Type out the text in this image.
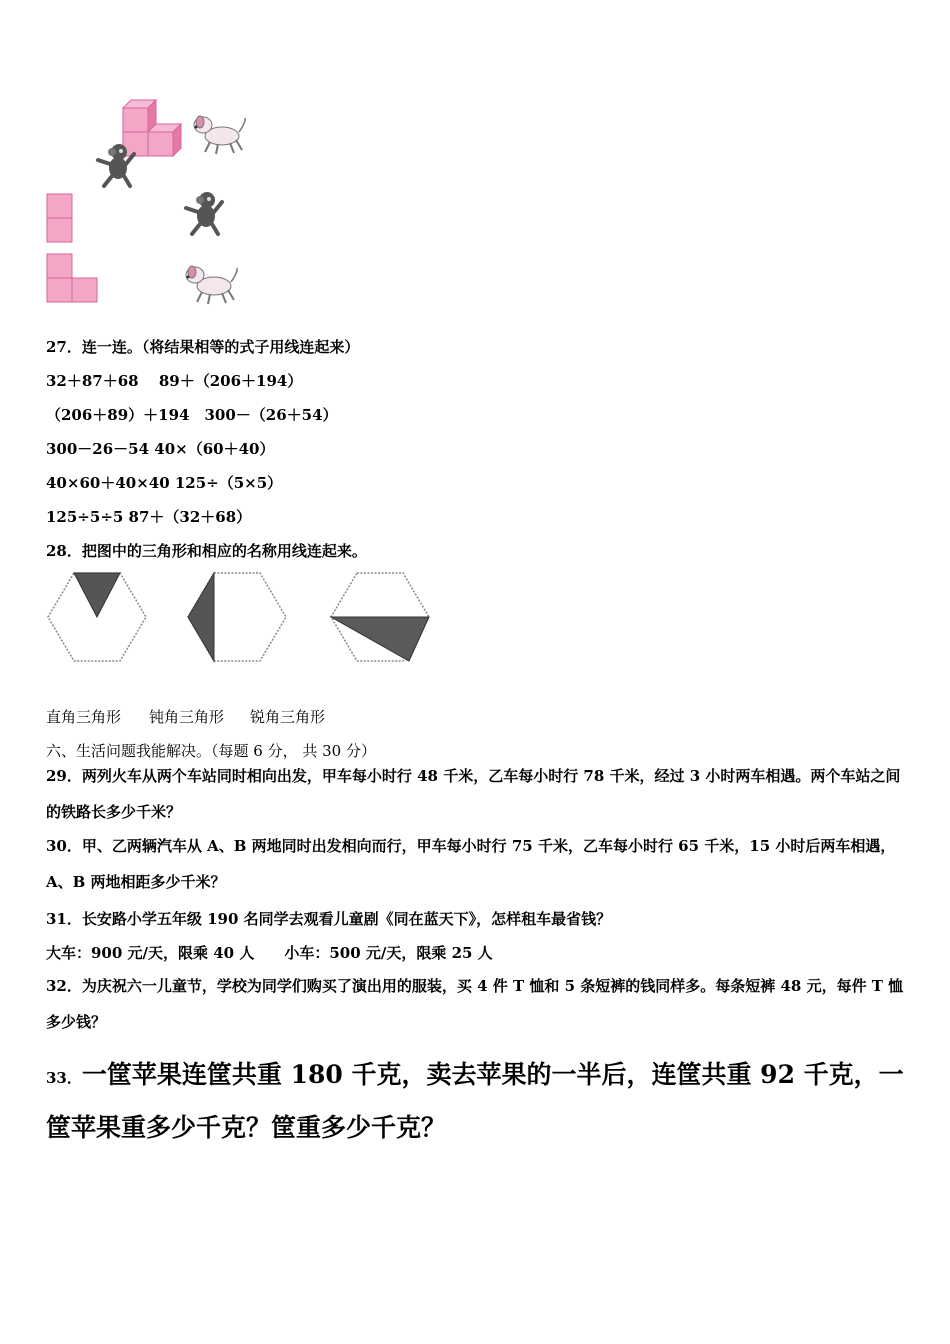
27．连一连。（将结果相等的式子用线连起来）
32＋87＋68　 89＋（206＋194）
（206＋89）＋194　300－（26＋54）
300－26－54 40×（60＋40）
40×60＋40×40 125÷（5×5）
125÷5÷5 87＋（32＋68）
28．把图中的三角形和相应的名称用线连起来。
直角三角形 钝角三角形 锐角三角形
六、生活问题我能解决。（每题 6 分， 共 30 分）
29．两列火车从两个车站同时相向出发，甲车每小时行 48 千米，乙车每小时行 78 千米，经过 3 小时两车相遇。两个车站之间的铁路长多少千米？
30．甲、乙两辆汽车从 A、B 两地同时出发相向而行，甲车每小时行 75 千米，乙车每小时行 65 千米，15 小时后两车相遇，A、B 两地相距多少千米？
31．长安路小学五年级 190 名同学去观看儿童剧《同在蓝天下》，怎样租车最省钱？
大车：900 元/天，限乘 40 人　　小车：500 元/天，限乘 25 人
32．为庆祝六一儿童节，学校为同学们购买了演出用的服装，买 4 件 T 恤和 5 条短裤的钱同样多。每条短裤 48 元，每件 T 恤多少钱？
33．一筐苹果连筐共重 180 千克，卖去苹果的一半后，连筐共重 92 千克，一筐苹果重多少千克？筐重多少千克？
